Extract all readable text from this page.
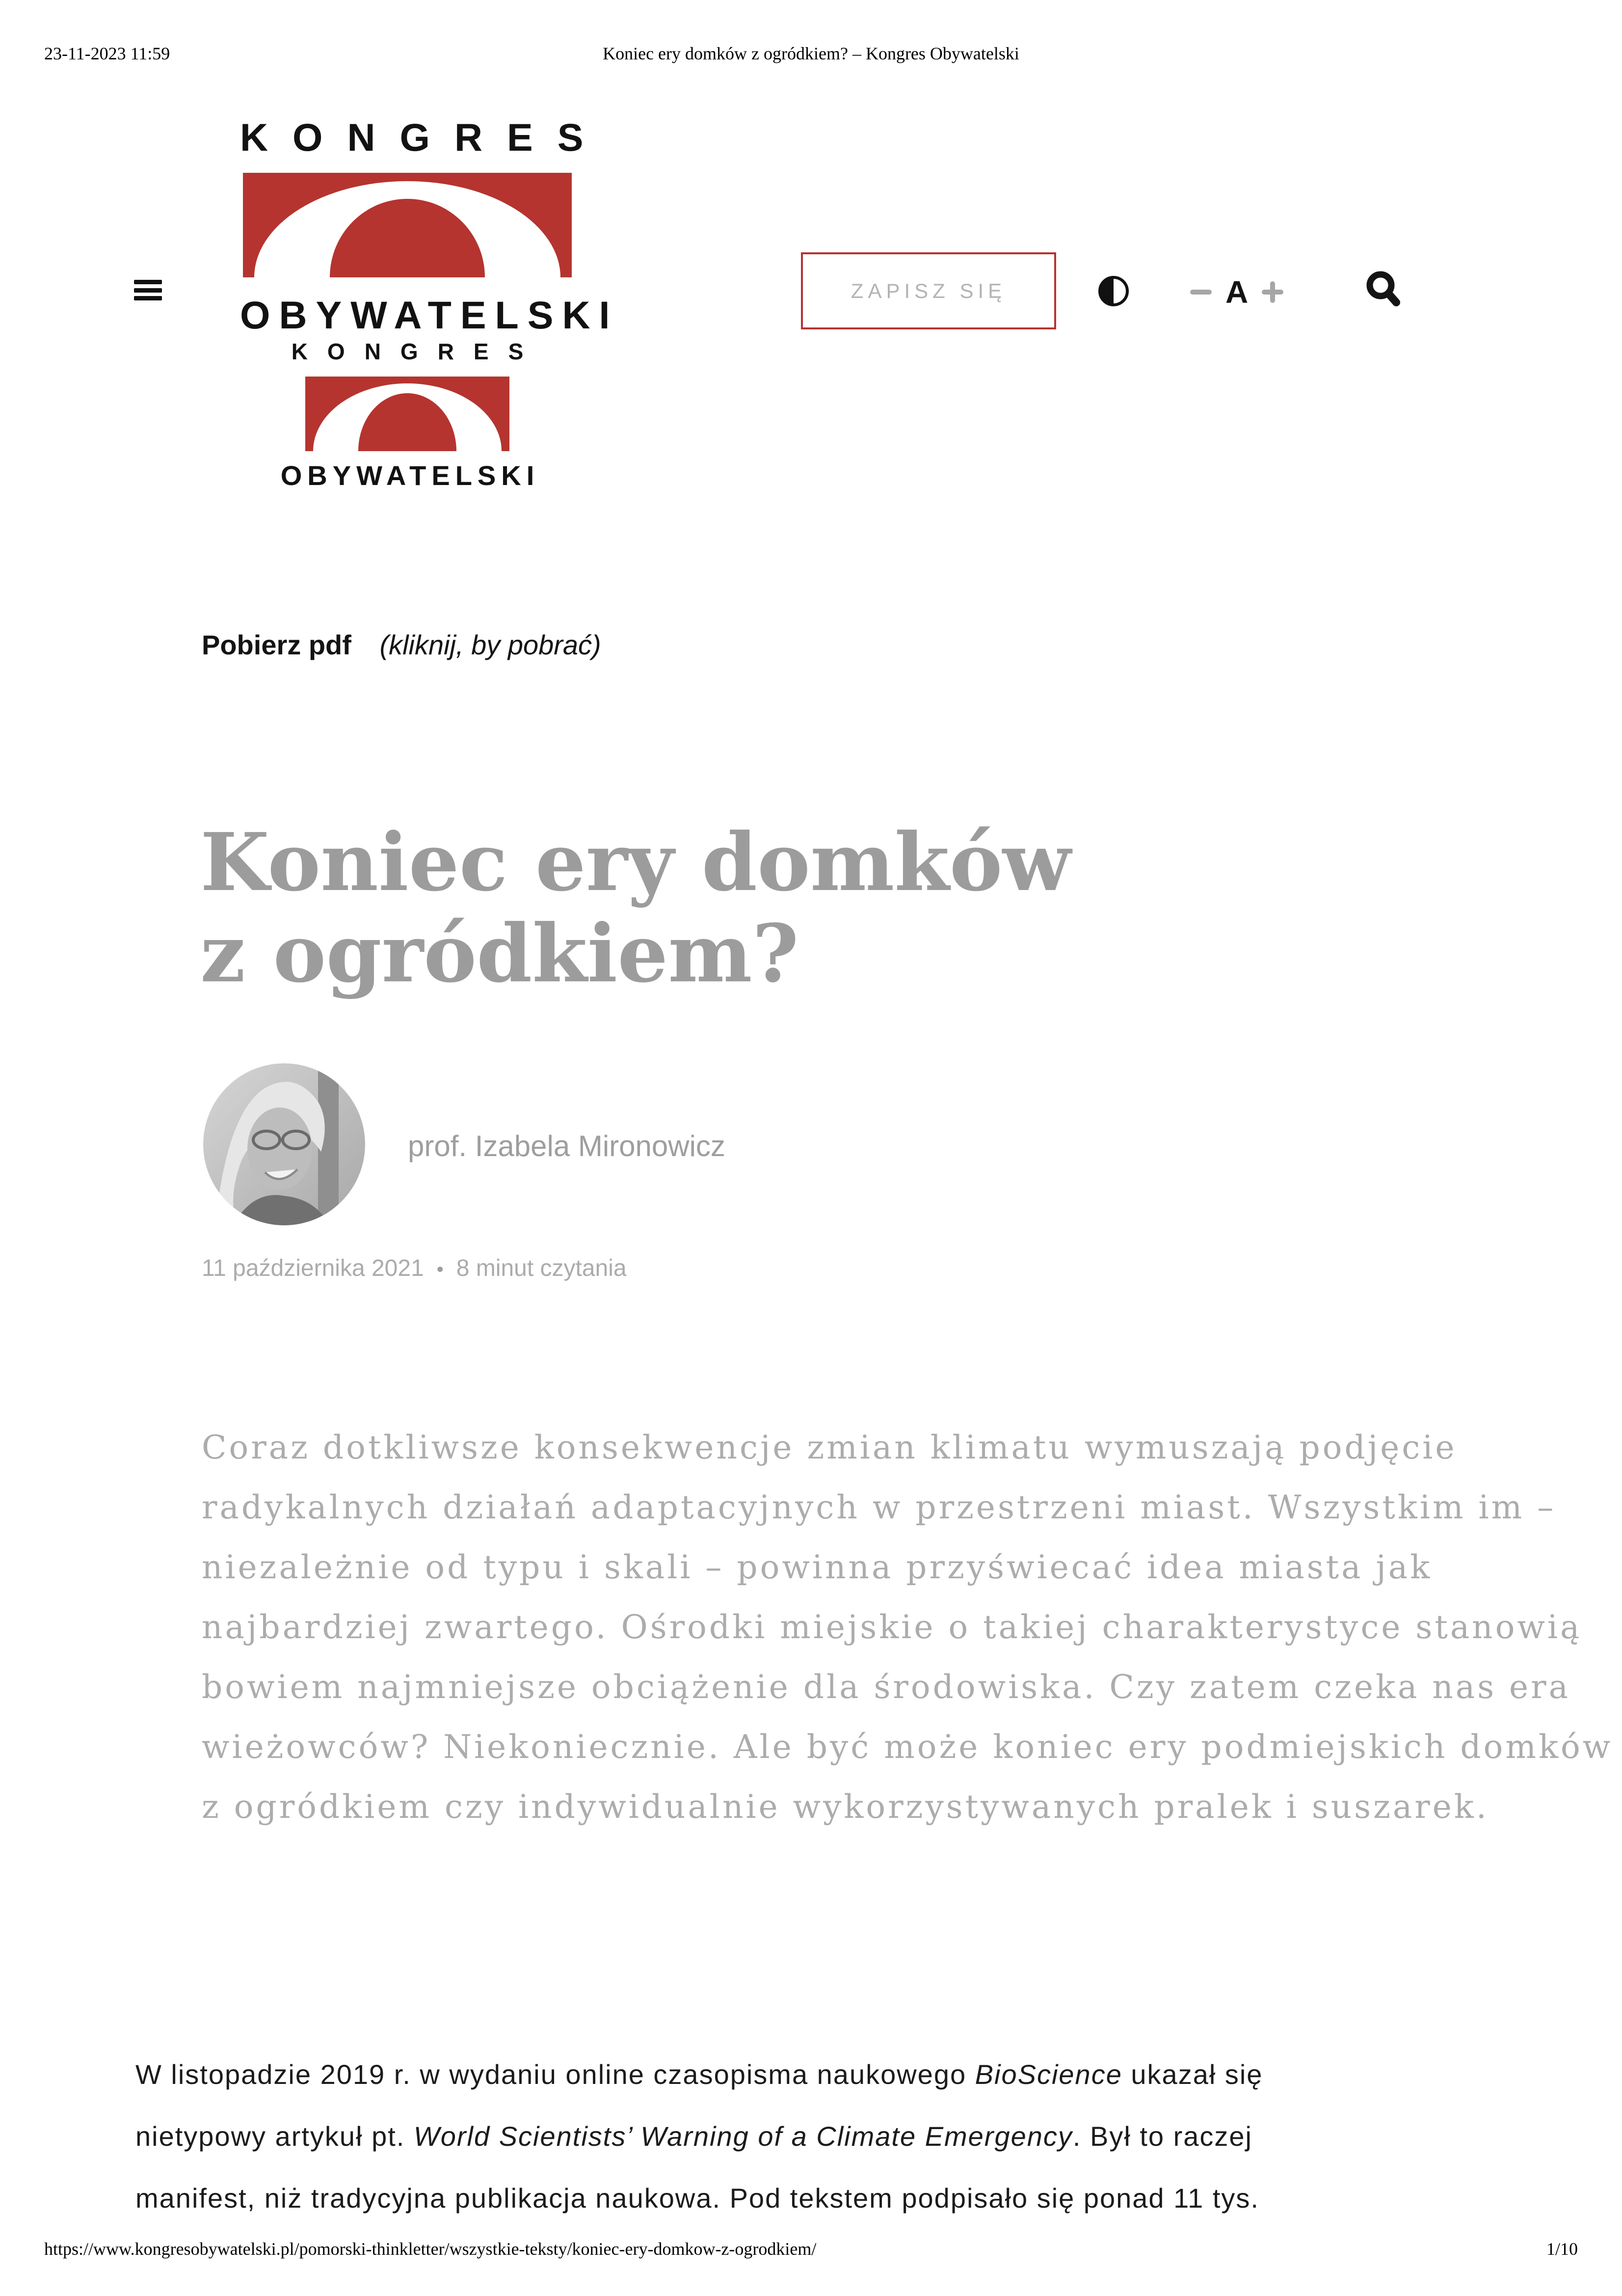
23-11-2023 11:59	Koniec ery domków z ogródkiem? – Kongres Obywatelski
KONGRES
OBYWATELSKI
KONGRES
OBYWATELSKI
ZAPISZ SIĘ	A
Pobierz pdf (kliknij, by pobrać)
Koniec ery domków
z ogródkiem?
prof. Izabela Mironowicz
11 października 2021 • 8 minut czytania
Coraz dotkliwsze konsekwencje zmian klimatu wymuszają podjęcie
radykalnych działań adaptacyjnych w przestrzeni miast. Wszystkim im –
niezależnie od typu i skali – powinna przyświecać idea miasta jak
najbardziej zwartego. Ośrodki miejskie o takiej charakterystyce stanowią
bowiem najmniejsze obciążenie dla środowiska. Czy zatem czeka nas era
wieżowców? Niekoniecznie. Ale być może koniec ery podmiejskich domków
z ogródkiem czy indywidualnie wykorzystywanych pralek i suszarek.
W listopadzie 2019 r. w wydaniu online czasopisma naukowego BioScience ukazał się
nietypowy artykuł pt. World Scientists’ Warning of a Climate Emergency. Był to raczej
manifest, niż tradycyjna publikacja naukowa. Pod tekstem podpisało się ponad 11 tys.
https://www.kongresobywatelski.pl/pomorski-thinkletter/wszystkie-teksty/koniec-ery-domkow-z-ogrodkiem/	1/10
